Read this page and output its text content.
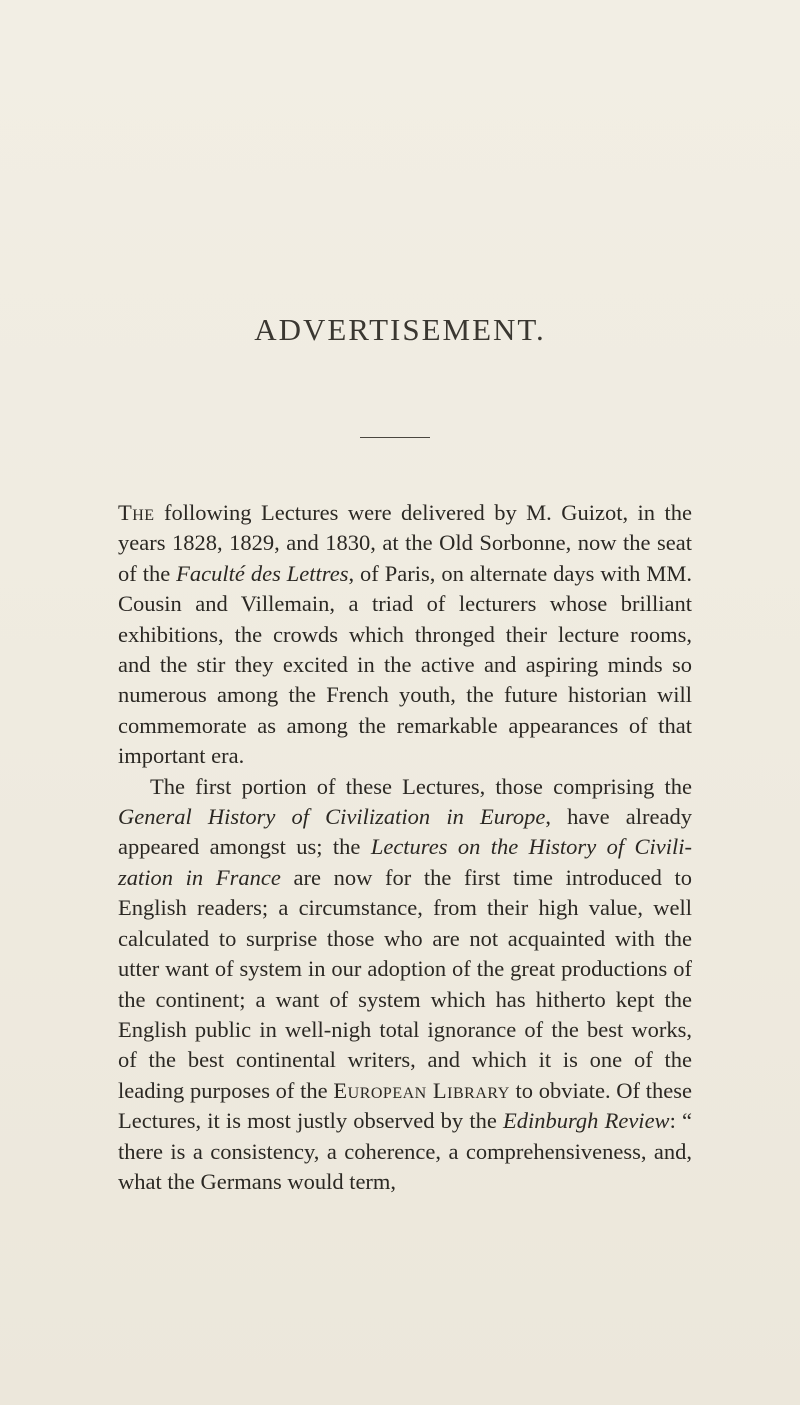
ADVERTISEMENT.

The following Lectures were delivered by M. Guizot, in the years 1828, 1829, and 1830, at the Old Sorbonne, now the seat of the Faculté des Lettres, of Paris, on alternate days with MM. Cousin and Villemain, a triad of lecturers whose brilliant exhibitions, the crowds which thronged their lecture rooms, and the stir they excited in the active and aspiring minds so numerous among the French youth, the future historian will commemorate as among the remarkable appearances of that important era.

The first portion of these Lectures, those comprising the General History of Civilization in Europe, have already appeared amongst us; the Lectures on the History of Civilization in France are now for the first time introduced to English readers; a circumstance, from their high value, well calculated to surprise those who are not acquainted with the utter want of system in our adoption of the great productions of the continent; a want of system which has hitherto kept the English public in well-nigh total ignorance of the best works, of the best continental writers, and which it is one of the leading purposes of the European Library to obviate. Of these Lectures, it is most justly observed by the Edinburgh Review: “ there is a consistency, a coherence, a comprehensiveness, and, what the Germans would term,
